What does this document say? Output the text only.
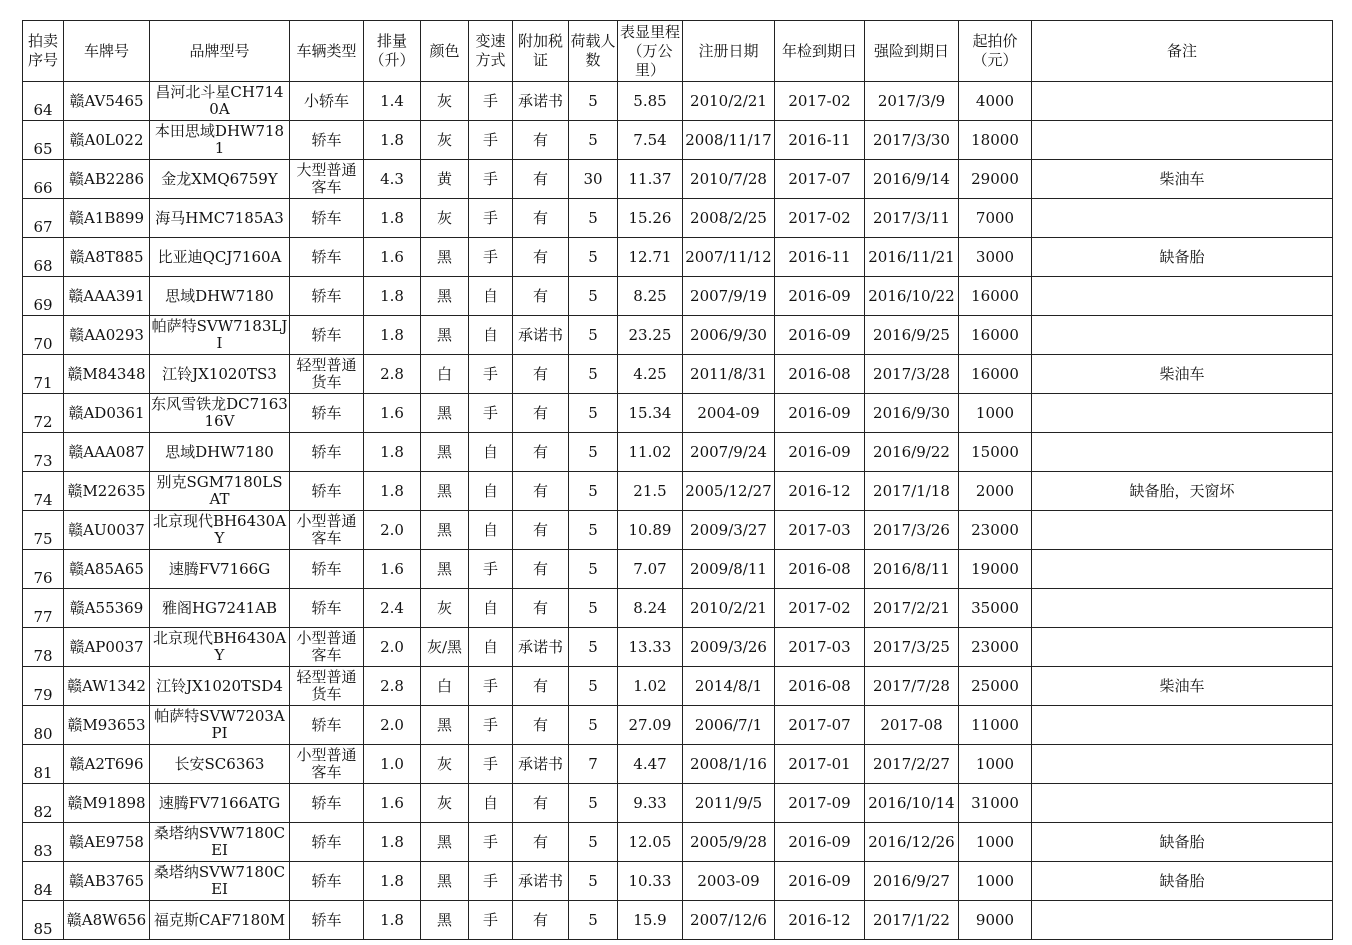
拍卖序号	车牌号	品牌型号	车辆类型	排量（升）	颜色	变速方式	附加税证	荷载人数	表显里程（万公里）	注册日期	年检到期日	强险到期日	起拍价（元）	备注
64	赣AV5465	昌河北斗星CH7140A	小轿车	1.4	灰	手	承诺书	5	5.85	2010/2/21	2017-02	2017/3/9	4000	
65	赣A0L022	本田思域DHW7181	轿车	1.8	灰	手	有	5	7.54	2008/11/17	2016-11	2017/3/30	18000	
66	赣AB2286	金龙XMQ6759Y	大型普通客车	4.3	黄	手	有	30	11.37	2010/7/28	2017-07	2016/9/14	29000	柴油车
67	赣A1B899	海马HMC7185A3	轿车	1.8	灰	手	有	5	15.26	2008/2/25	2017-02	2017/3/11	7000	
68	赣A8T885	比亚迪QCJ7160A	轿车	1.6	黑	手	有	5	12.71	2007/11/12	2016-11	2016/11/21	3000	缺备胎
69	赣AAA391	思域DHW7180	轿车	1.8	黑	自	有	5	8.25	2007/9/19	2016-09	2016/10/22	16000	
70	赣AA0293	帕萨特SVW7183LJI	轿车	1.8	黑	自	承诺书	5	23.25	2006/9/30	2016-09	2016/9/25	16000	
71	赣M84348	江铃JX1020TS3	轻型普通货车	2.8	白	手	有	5	4.25	2011/8/31	2016-08	2017/3/28	16000	柴油车
72	赣AD0361	东风雪铁龙DC716316V	轿车	1.6	黑	手	有	5	15.34	2004-09	2016-09	2016/9/30	1000	
73	赣AAA087	思域DHW7180	轿车	1.8	黑	自	有	5	11.02	2007/9/24	2016-09	2016/9/22	15000	
74	赣M22635	别克SGM7180LS AT	轿车	1.8	黑	自	有	5	21.5	2005/12/27	2016-12	2017/1/18	2000	缺备胎，天窗坏
75	赣AU0037	北京现代BH6430AY	小型普通客车	2.0	黑	自	有	5	10.89	2009/3/27	2017-03	2017/3/26	23000	
76	赣A85A65	速腾FV7166G	轿车	1.6	黑	手	有	5	7.07	2009/8/11	2016-08	2016/8/11	19000	
77	赣A55369	雅阁HG7241AB	轿车	2.4	灰	自	有	5	8.24	2010/2/21	2017-02	2017/2/21	35000	
78	赣AP0037	北京现代BH6430AY	小型普通客车	2.0	灰/黑	自	承诺书	5	13.33	2009/3/26	2017-03	2017/3/25	23000	
79	赣AW1342	江铃JX1020TSD4	轻型普通货车	2.8	白	手	有	5	1.02	2014/8/1	2016-08	2017/7/28	25000	柴油车
80	赣M93653	帕萨特SVW7203API	轿车	2.0	黑	手	有	5	27.09	2006/7/1	2017-07	2017-08	11000	
81	赣A2T696	长安SC6363	小型普通客车	1.0	灰	手	承诺书	7	4.47	2008/1/16	2017-01	2017/2/27	1000	
82	赣M91898	速腾FV7166ATG	轿车	1.6	灰	自	有	5	9.33	2011/9/5	2017-09	2016/10/14	31000	
83	赣AE9758	桑塔纳SVW7180CEI	轿车	1.8	黑	手	有	5	12.05	2005/9/28	2016-09	2016/12/26	1000	缺备胎
84	赣AB3765	桑塔纳SVW7180CEI	轿车	1.8	黑	手	承诺书	5	10.33	2003-09	2016-09	2016/9/27	1000	缺备胎
85	赣A8W656	福克斯CAF7180M	轿车	1.8	黑	手	有	5	15.9	2007/12/6	2016-12	2017/1/22	9000	
